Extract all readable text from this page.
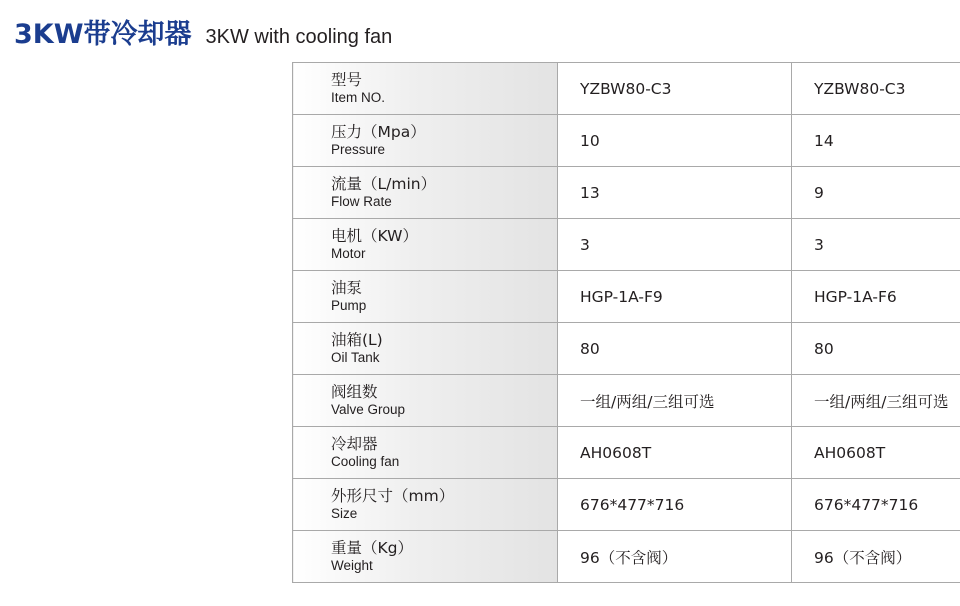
3KW带冷却器 3KW with cooling fan
型号
Item NO.	YZBW80-C3	YZBW80-C3

压力（Mpa）
Pressure	10	14

流量（L/min）
Flow Rate	13	9

电机（KW）
Motor	3	3

油泵
Pump	HGP-1A-F9	HGP-1A-F6

油箱(L)
Oil Tank	80	80

阀组数
Valve Group	一组/两组/三组可选	一组/两组/三组可选

冷却器
Cooling fan	AH0608T	AH0608T

外形尺寸（mm）
Size	676*477*716	676*477*716

重量（Kg）
Weight	96（不含阀）	96（不含阀）
